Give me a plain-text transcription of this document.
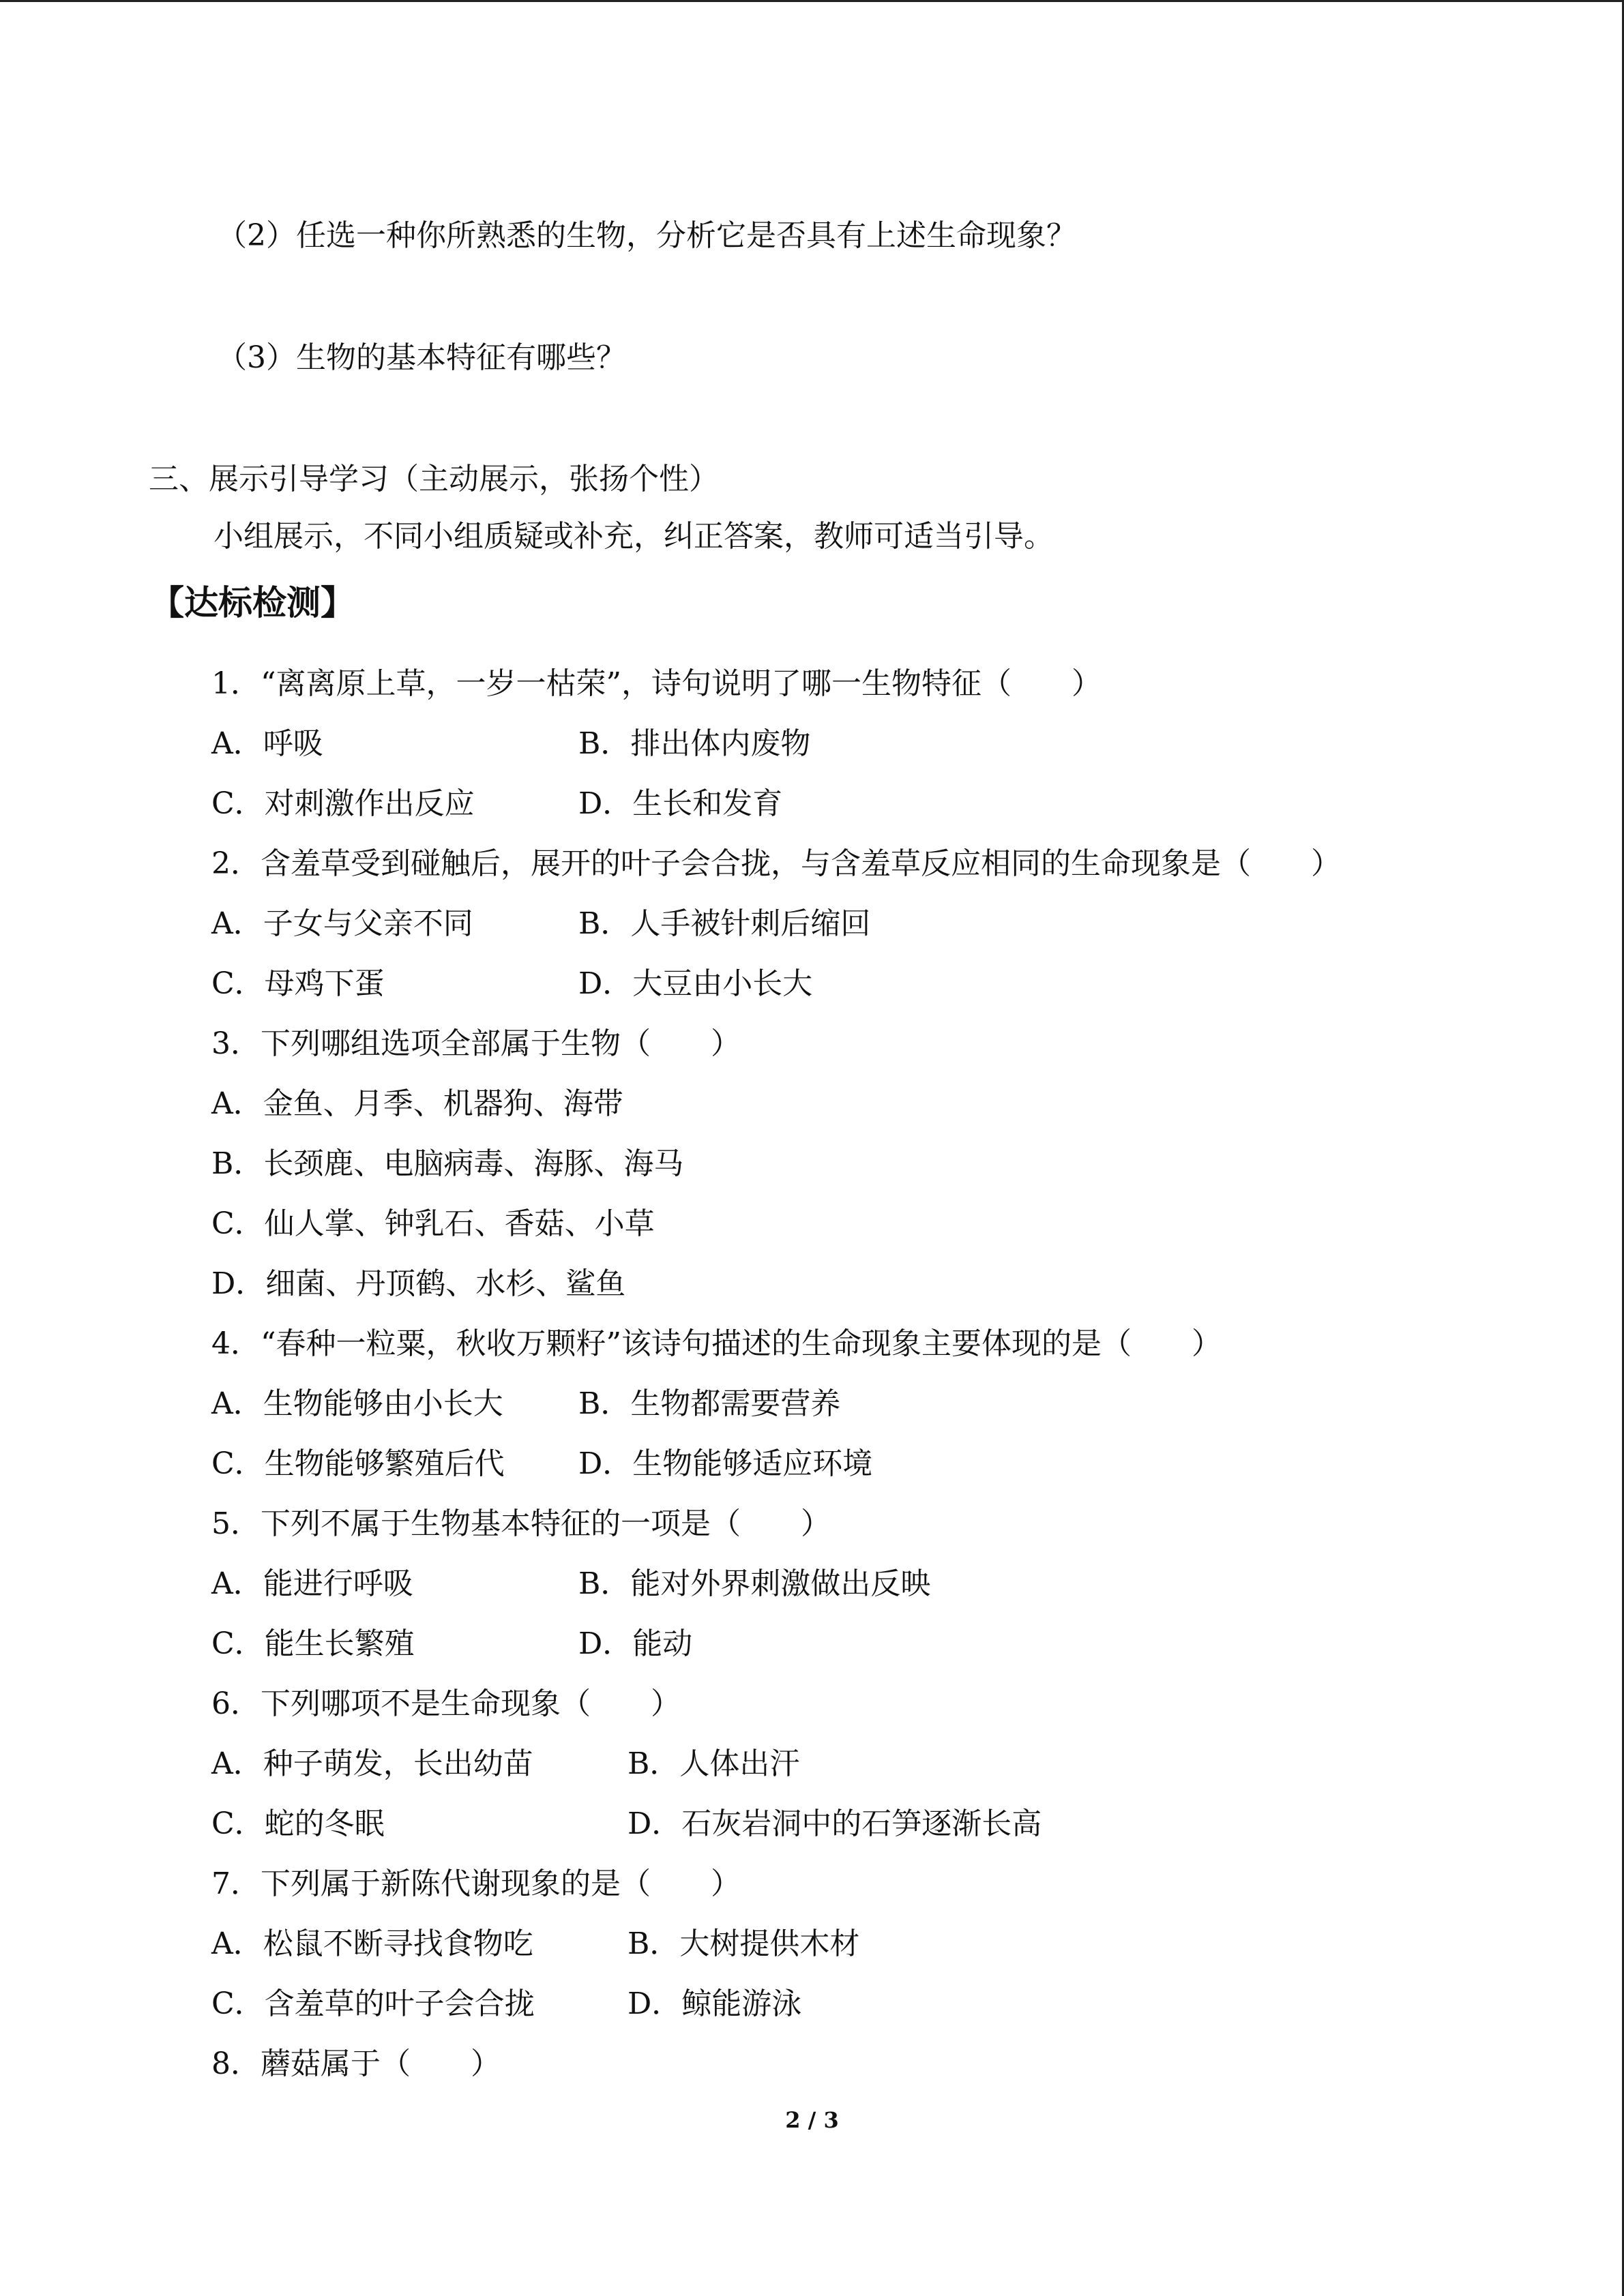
（2）任选一种你所熟悉的生物，分析它是否具有上述生命现象？
（3）生物的基本特征有哪些？
三、展示引导学习（主动展示，张扬个性）
小组展示，不同小组质疑或补充，纠正答案，教师可适当引导。
【达标检测】
1．“离离原上草，一岁一枯荣”，诗句说明了哪一生物特征（　　）
A．呼吸	B．排出体内废物
C．对刺激作出反应	D．生长和发育
2．含羞草受到碰触后，展开的叶子会合拢，与含羞草反应相同的生命现象是（　　）
A．子女与父亲不同	B．人手被针刺后缩回
C．母鸡下蛋	D．大豆由小长大
3．下列哪组选项全部属于生物（　　）
A．金鱼、月季、机器狗、海带
B．长颈鹿、电脑病毒、海豚、海马
C．仙人掌、钟乳石、香菇、小草
D．细菌、丹顶鹤、水杉、鲨鱼
4．“春种一粒粟，秋收万颗籽”该诗句描述的生命现象主要体现的是（　　）
A．生物能够由小长大	B．生物都需要营养
C．生物能够繁殖后代 D．生物能够适应环境
5．下列不属于生物基本特征的一项是（　　）
A．能进行呼吸	B．能对外界刺激做出反映
C．能生长繁殖	D．能动
6．下列哪项不是生命现象（　　）
A．种子萌发，长出幼苗	B．人体出汗
C．蛇的冬眠	D．石灰岩洞中的石笋逐渐长高
7．下列属于新陈代谢现象的是（　　）
A．松鼠不断寻找食物吃	B．大树提供木材
C．含羞草的叶子会合拢	D．鲸能游泳
8．蘑菇属于（　　）
2 / 3
